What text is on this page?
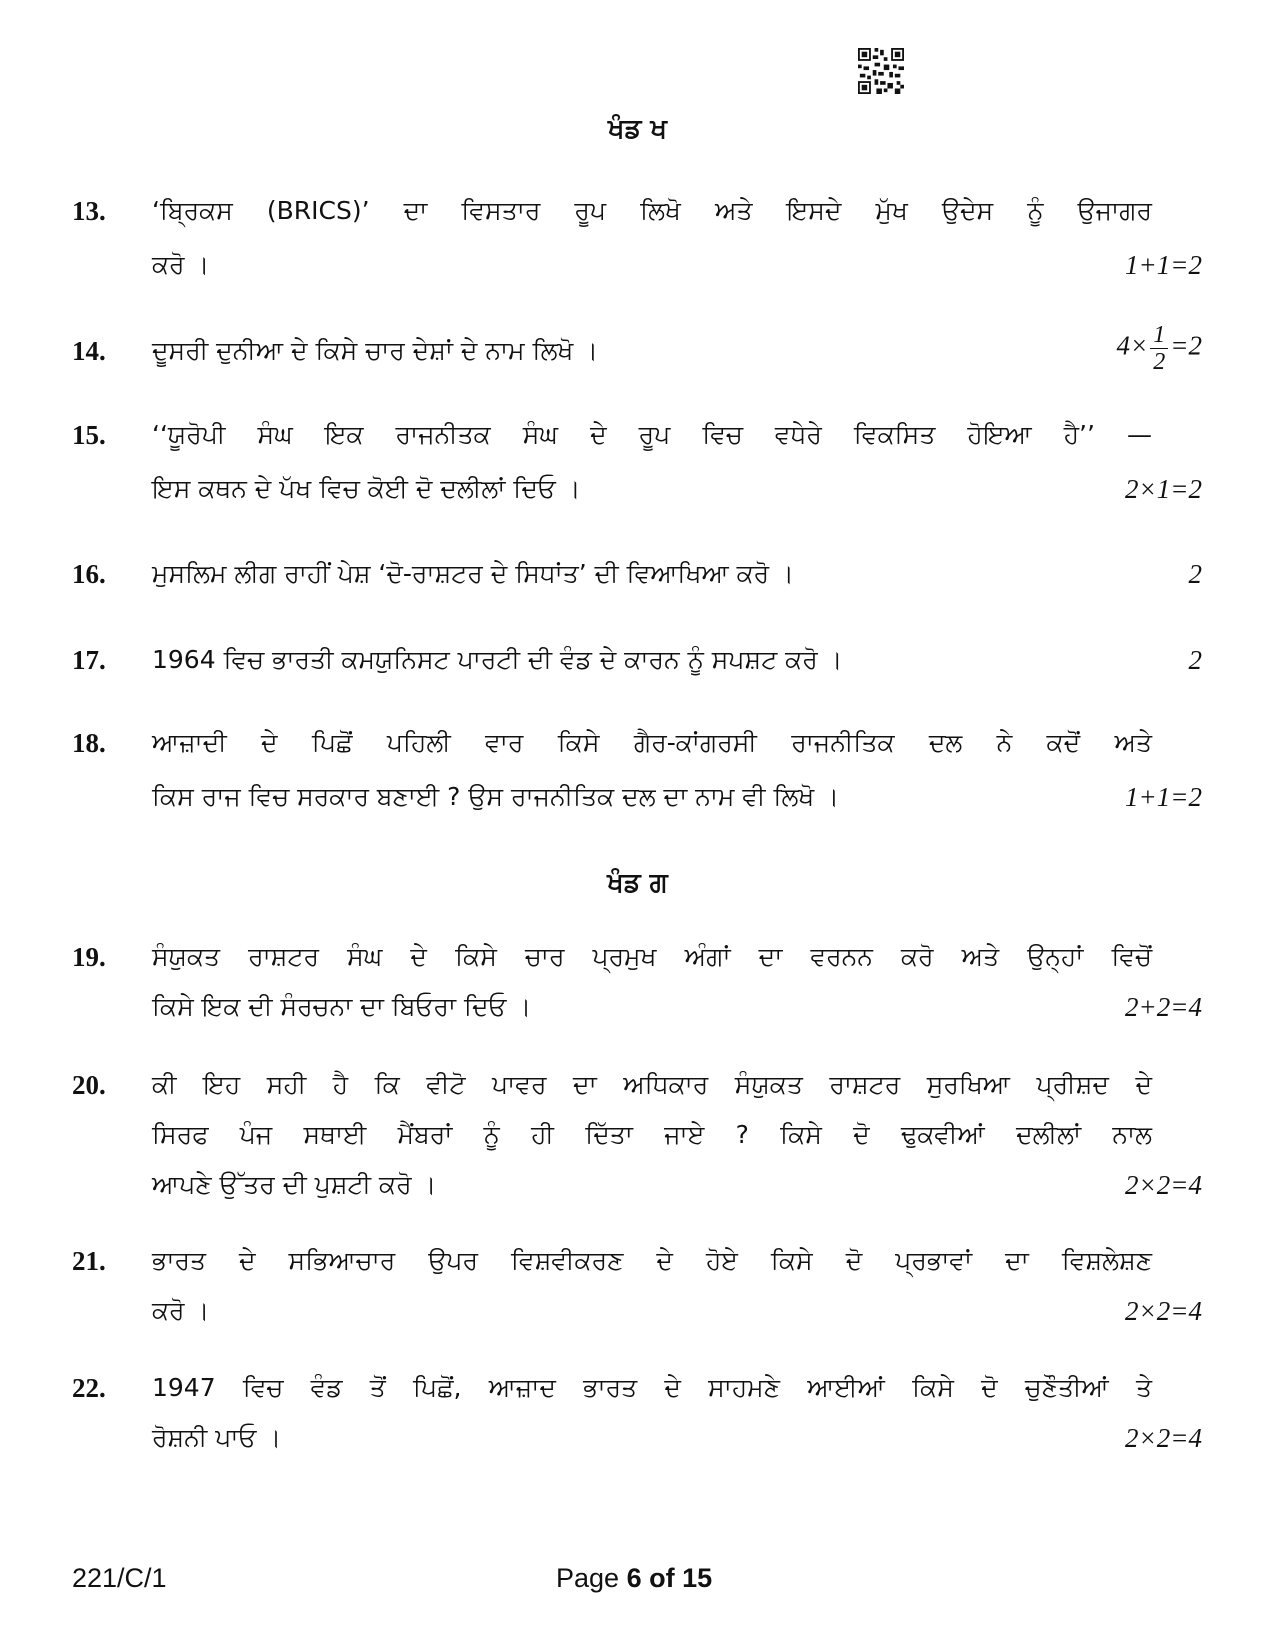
ਖੰਡ ਖ
13. ‘ਬ੍ਰਿਕਸ (BRICS)’ ਦਾ ਵਿਸਤਾਰ ਰੂਪ ਲਿਖੋ ਅਤੇ ਇਸਦੇ ਮੁੱਖ ਉਦੇਸ ਨੂੰ ਉਜਾਗਰ
ਕਰੋ ।	1+1=2
14. ਦੂਸਰੀ ਦੁਨੀਆ ਦੇ ਕਿਸੇ ਚਾਰ ਦੇਸ਼ਾਂ ਦੇ ਨਾਮ ਲਿਖੋ ।	$4\times \frac{1}{2} =2$
15. ‘‘ਯੂਰੋਪੀ ਸੰਘ ਇਕ ਰਾਜਨੀਤਕ ਸੰਘ ਦੇ ਰੂਪ ਵਿਚ ਵਧੇਰੇ ਵਿਕਸਿਤ ਹੋਇਆ ਹੈ’’ —
ਇਸ ਕਥਨ ਦੇ ਪੱਖ ਵਿਚ ਕੋਈ ਦੋ ਦਲੀਲਾਂ ਦਿਓ ।	2×1=2
16. ਮੁਸਲਿਮ ਲੀਗ ਰਾਹੀਂ ਪੇਸ਼ ‘ਦੋ-ਰਾਸ਼ਟਰ ਦੇ ਸਿਧਾਂਤ’ ਦੀ ਵਿਆਖਿਆ ਕਰੋ ।	2
17. 1964 ਵਿਚ ਭਾਰਤੀ ਕਮਯੁਨਿਸਟ ਪਾਰਟੀ ਦੀ ਵੰਡ ਦੇ ਕਾਰਨ ਨੂੰ ਸਪਸ਼ਟ ਕਰੋ ।	2
18. ਆਜ਼ਾਦੀ ਦੇ ਪਿਛੋਂ ਪਹਿਲੀ ਵਾਰ ਕਿਸੇ ਗੈਰ-ਕਾਂਗਰਸੀ ਰਾਜਨੀਤਿਕ ਦਲ ਨੇ ਕਦੋਂ ਅਤੇ
ਕਿਸ ਰਾਜ ਵਿਚ ਸਰਕਾਰ ਬਣਾਈ ? ਉਸ ਰਾਜਨੀਤਿਕ ਦਲ ਦਾ ਨਾਮ ਵੀ ਲਿਖੋ ।	1+1=2
ਖੰਡ ਗ
19. ਸੰਯੁਕਤ ਰਾਸ਼ਟਰ ਸੰਘ ਦੇ ਕਿਸੇ ਚਾਰ ਪ੍ਰਮੁਖ ਅੰਗਾਂ ਦਾ ਵਰਨਨ ਕਰੋ ਅਤੇ ਉਨ੍ਹਾਂ ਵਿਚੋਂ
ਕਿਸੇ ਇਕ ਦੀ ਸੰਰਚਨਾ ਦਾ ਬਿਓਰਾ ਦਿਓ ।	2+2=4
20. ਕੀ ਇਹ ਸਹੀ ਹੈ ਕਿ ਵੀਟੋ ਪਾਵਰ ਦਾ ਅਧਿਕਾਰ ਸੰਯੁਕਤ ਰਾਸ਼ਟਰ ਸੁਰਖਿਆ ਪ੍ਰੀਸ਼ਦ ਦੇ
ਸਿਰਫ ਪੰਜ ਸਥਾਈ ਮੈਂਬਰਾਂ ਨੂੰ ਹੀ ਦਿੱਤਾ ਜਾਏ ? ਕਿਸੇ ਦੋ ਢੁਕਵੀਆਂ ਦਲੀਲਾਂ ਨਾਲ
ਆਪਣੇ ਉੱਤਰ ਦੀ ਪੁਸ਼ਟੀ ਕਰੋ ।	2×2=4
21. ਭਾਰਤ ਦੇ ਸਭਿਆਚਾਰ ਉਪਰ ਵਿਸ਼ਵੀਕਰਣ ਦੇ ਹੋਏ ਕਿਸੇ ਦੋ ਪ੍ਰਭਾਵਾਂ ਦਾ ਵਿਸ਼ਲੇਸ਼ਣ
ਕਰੋ ।	2×2=4
22. 1947 ਵਿਚ ਵੰਡ ਤੋਂ ਪਿਛੋਂ, ਆਜ਼ਾਦ ਭਾਰਤ ਦੇ ਸਾਹਮਣੇ ਆਈਆਂ ਕਿਸੇ ਦੋ ਚੁਣੌਤੀਆਂ ਤੇ
ਰੋਸ਼ਨੀ ਪਾਓ ।	2×2=4
221/C/1	Page 6 of 15
